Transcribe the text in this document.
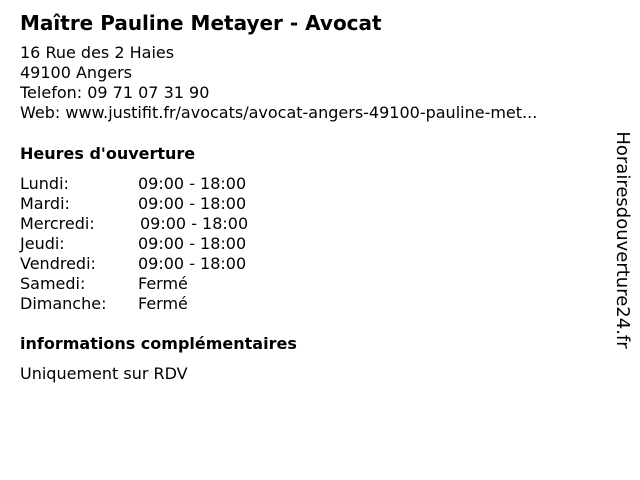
Maître Pauline Metayer - Avocat
16 Rue des 2 Haies
49100 Angers
Telefon: 09 71 07 31 90
Web: www.justifit.fr/avocats/avocat-angers-49100-pauline-met...
Heures d'ouverture
Lundi:	09:00 - 18:00
Mardi:	09:00 - 18:00
Mercredi:	09:00 - 18:00
Jeudi:	09:00 - 18:00
Vendredi:	09:00 - 18:00
Samedi:	Fermé
Dimanche: Fermé
informations complémentaires
Uniquement sur RDV
Horairesdouverture24.fr
